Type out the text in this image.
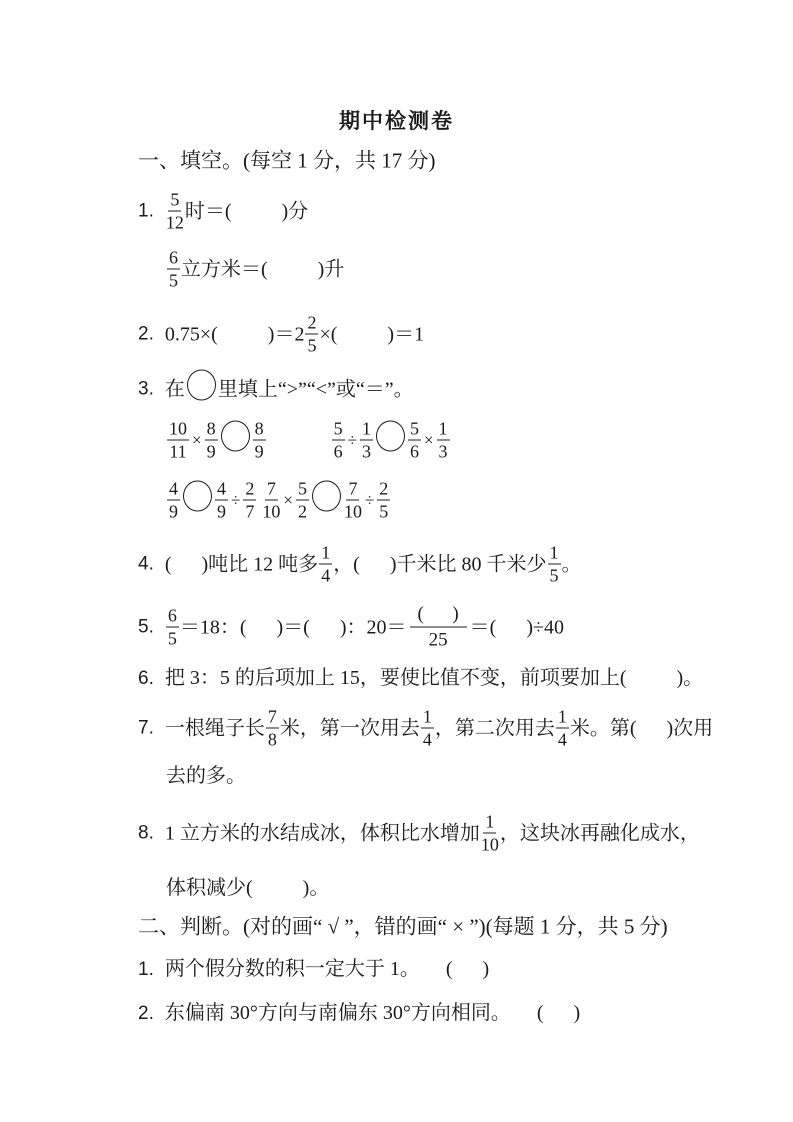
期中检测卷
一、填空。(每空 1 分，共 17 分)
1. $\frac{5}{12}$ 时＝(          )分
$\frac{6}{5}$ 立方米＝(          )升
2. 0.75×(          )＝ $2 \frac{2}{5}$ ×(          )＝1
3. 在 里填上“>”“<”或“＝”。
$\frac{10}{11} \times \frac{8}{9} \frac{8}{9}$	$\frac{5}{6} \div \frac{1}{3} \frac{5}{6} \times \frac{1}{3}$
$\frac{4}{9} \frac{4}{9} \div \frac{2}{7} \frac{7}{10} \times \frac{5}{2} \frac{7}{10} \div \frac{2}{5}$
4. (      )吨比 12 吨多 $\frac{1}{4}$ ，(      )千米比 80 千米少 $\frac{1}{5}$ 。
5. $\frac{6}{5} =18$：(      )＝(      )：20＝
(      )
25
＝(      )÷40
6. 把 3：5 的后项加上 15，要使比值不变，前项要加上(          )。
7. 一根绳子长 $\frac{7}{8}$ 米，第一次用去 $\frac{1}{4}$ ，第二次用去 $\frac{1}{4}$ 米。第(      )次用
去的多。
8. 1 立方米的水结成冰，体积比水增加 $\frac{1}{10}$ ，这块冰再融化成水，
体积减少(          )。
二、判断。(对的画“ √ ”，错的画“ × ”)(每题 1 分，共 5 分)
1. 两个假分数的积一定大于 1。 (      )
2. 东偏南 30°方向与南偏东 30°方向相同。 (      )
